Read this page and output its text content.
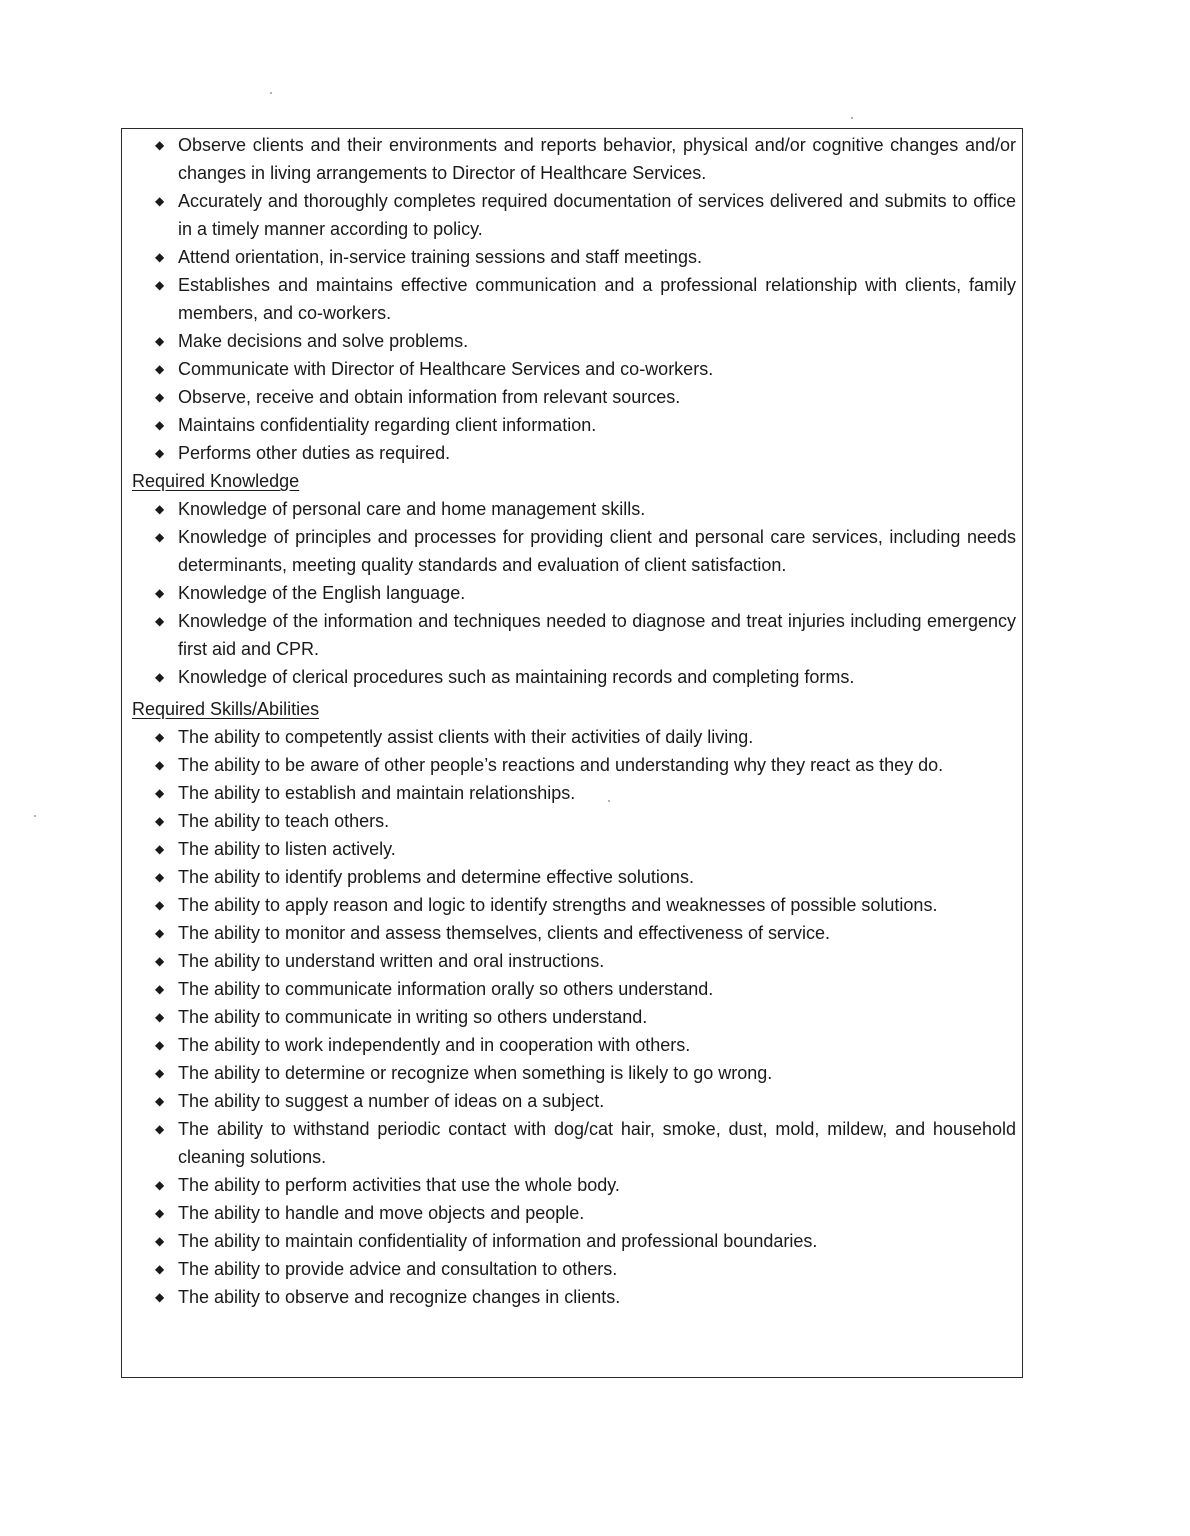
◆ Observe clients and their environments and reports behavior, physical and/or cognitive changes and/or changes in living arrangements to Director of Healthcare Services.
◆ Accurately and thoroughly completes required documentation of services delivered and submits to office in a timely manner according to policy.
◆ Attend orientation, in-service training sessions and staff meetings.
◆ Establishes and maintains effective communication and a professional relationship with clients, family members, and co-workers.
◆ Make decisions and solve problems.
◆ Communicate with Director of Healthcare Services and co-workers.
◆ Observe, receive and obtain information from relevant sources.
◆ Maintains confidentiality regarding client information.
◆ Performs other duties as required.
Required Knowledge
◆ Knowledge of personal care and home management skills.
◆ Knowledge of principles and processes for providing client and personal care services, including needs determinants, meeting quality standards and evaluation of client satisfaction.
◆ Knowledge of the English language.
◆ Knowledge of the information and techniques needed to diagnose and treat injuries including emergency first aid and CPR.
◆ Knowledge of clerical procedures such as maintaining records and completing forms.
Required Skills/Abilities
◆ The ability to competently assist clients with their activities of daily living.
◆ The ability to be aware of other people’s reactions and understanding why they react as they do.
◆ The ability to establish and maintain relationships.
◆ The ability to teach others.
◆ The ability to listen actively.
◆ The ability to identify problems and determine effective solutions.
◆ The ability to apply reason and logic to identify strengths and weaknesses of possible solutions.
◆ The ability to monitor and assess themselves, clients and effectiveness of service.
◆ The ability to understand written and oral instructions.
◆ The ability to communicate information orally so others understand.
◆ The ability to communicate in writing so others understand.
◆ The ability to work independently and in cooperation with others.
◆ The ability to determine or recognize when something is likely to go wrong.
◆ The ability to suggest a number of ideas on a subject.
◆ The ability to withstand periodic contact with dog/cat hair, smoke, dust, mold, mildew, and household cleaning solutions.
◆ The ability to perform activities that use the whole body.
◆ The ability to handle and move objects and people.
◆ The ability to maintain confidentiality of information and professional boundaries.
◆ The ability to provide advice and consultation to others.
◆ The ability to observe and recognize changes in clients.
